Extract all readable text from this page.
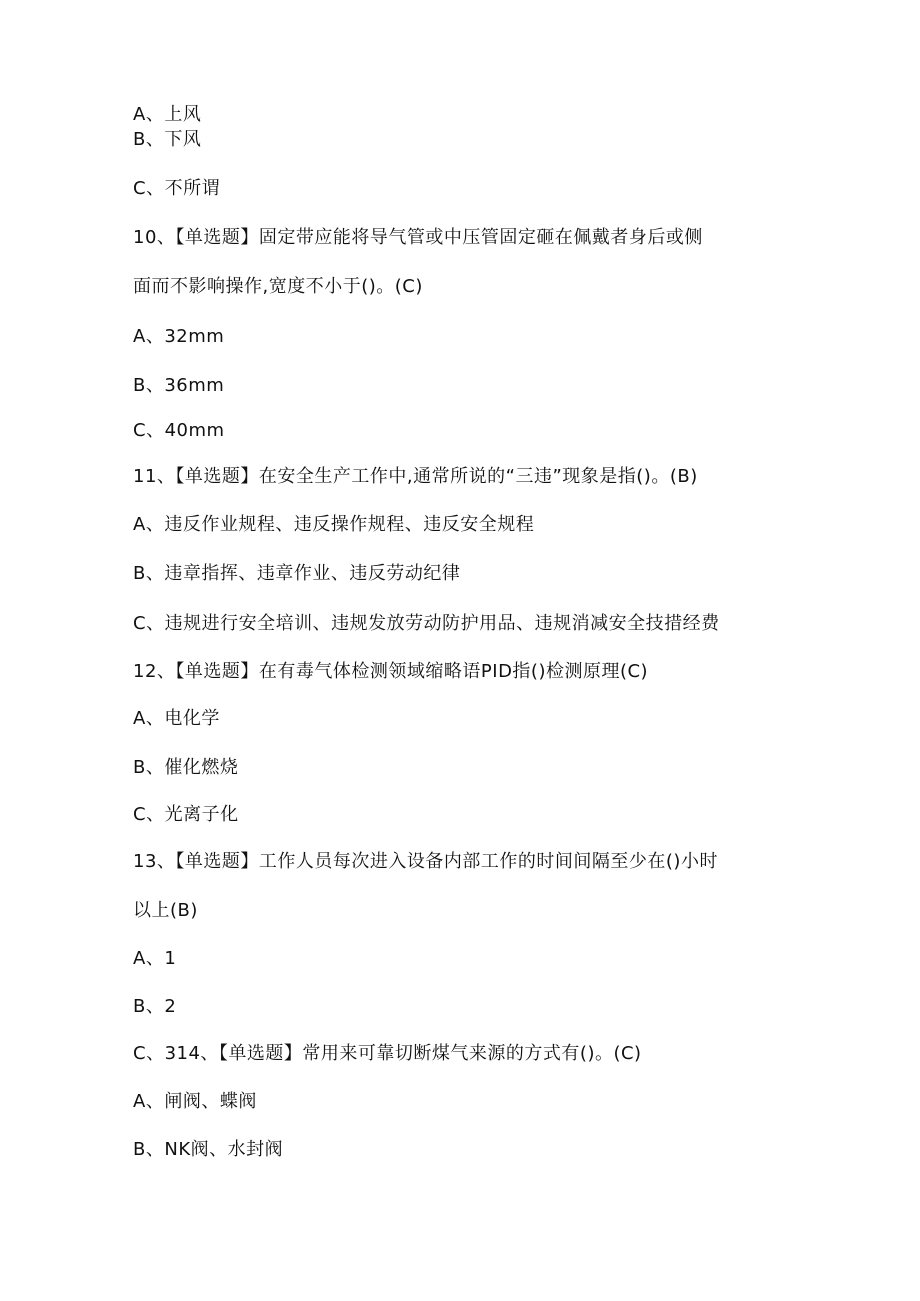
A、上风
B、下风
C、不所谓
10、【单选题】固定带应能将导气管或中压管固定砸在佩戴者身后或侧
面而不影响操作,宽度不小于()。(C)
A、32mm
B、36mm
C、40mm
11、【单选题】在安全生产工作中,通常所说的“三违”现象是指()。(B)
A、违反作业规程、违反操作规程、违反安全规程
B、违章指挥、违章作业、违反劳动纪律
C、违规进行安全培训、违规发放劳动防护用品、违规消减安全技措经费
12、【单选题】在有毒气体检测领域缩略语PID指()检测原理(C)
A、电化学
B、催化燃烧
C、光离子化
13、【单选题】工作人员每次进入设备内部工作的时间间隔至少在()小时
以上(B)
A、1
B、2
C、314、【单选题】常用来可靠切断煤气来源的方式有()。(C)
A、闸阀、蝶阀
B、NK阀、水封阀
